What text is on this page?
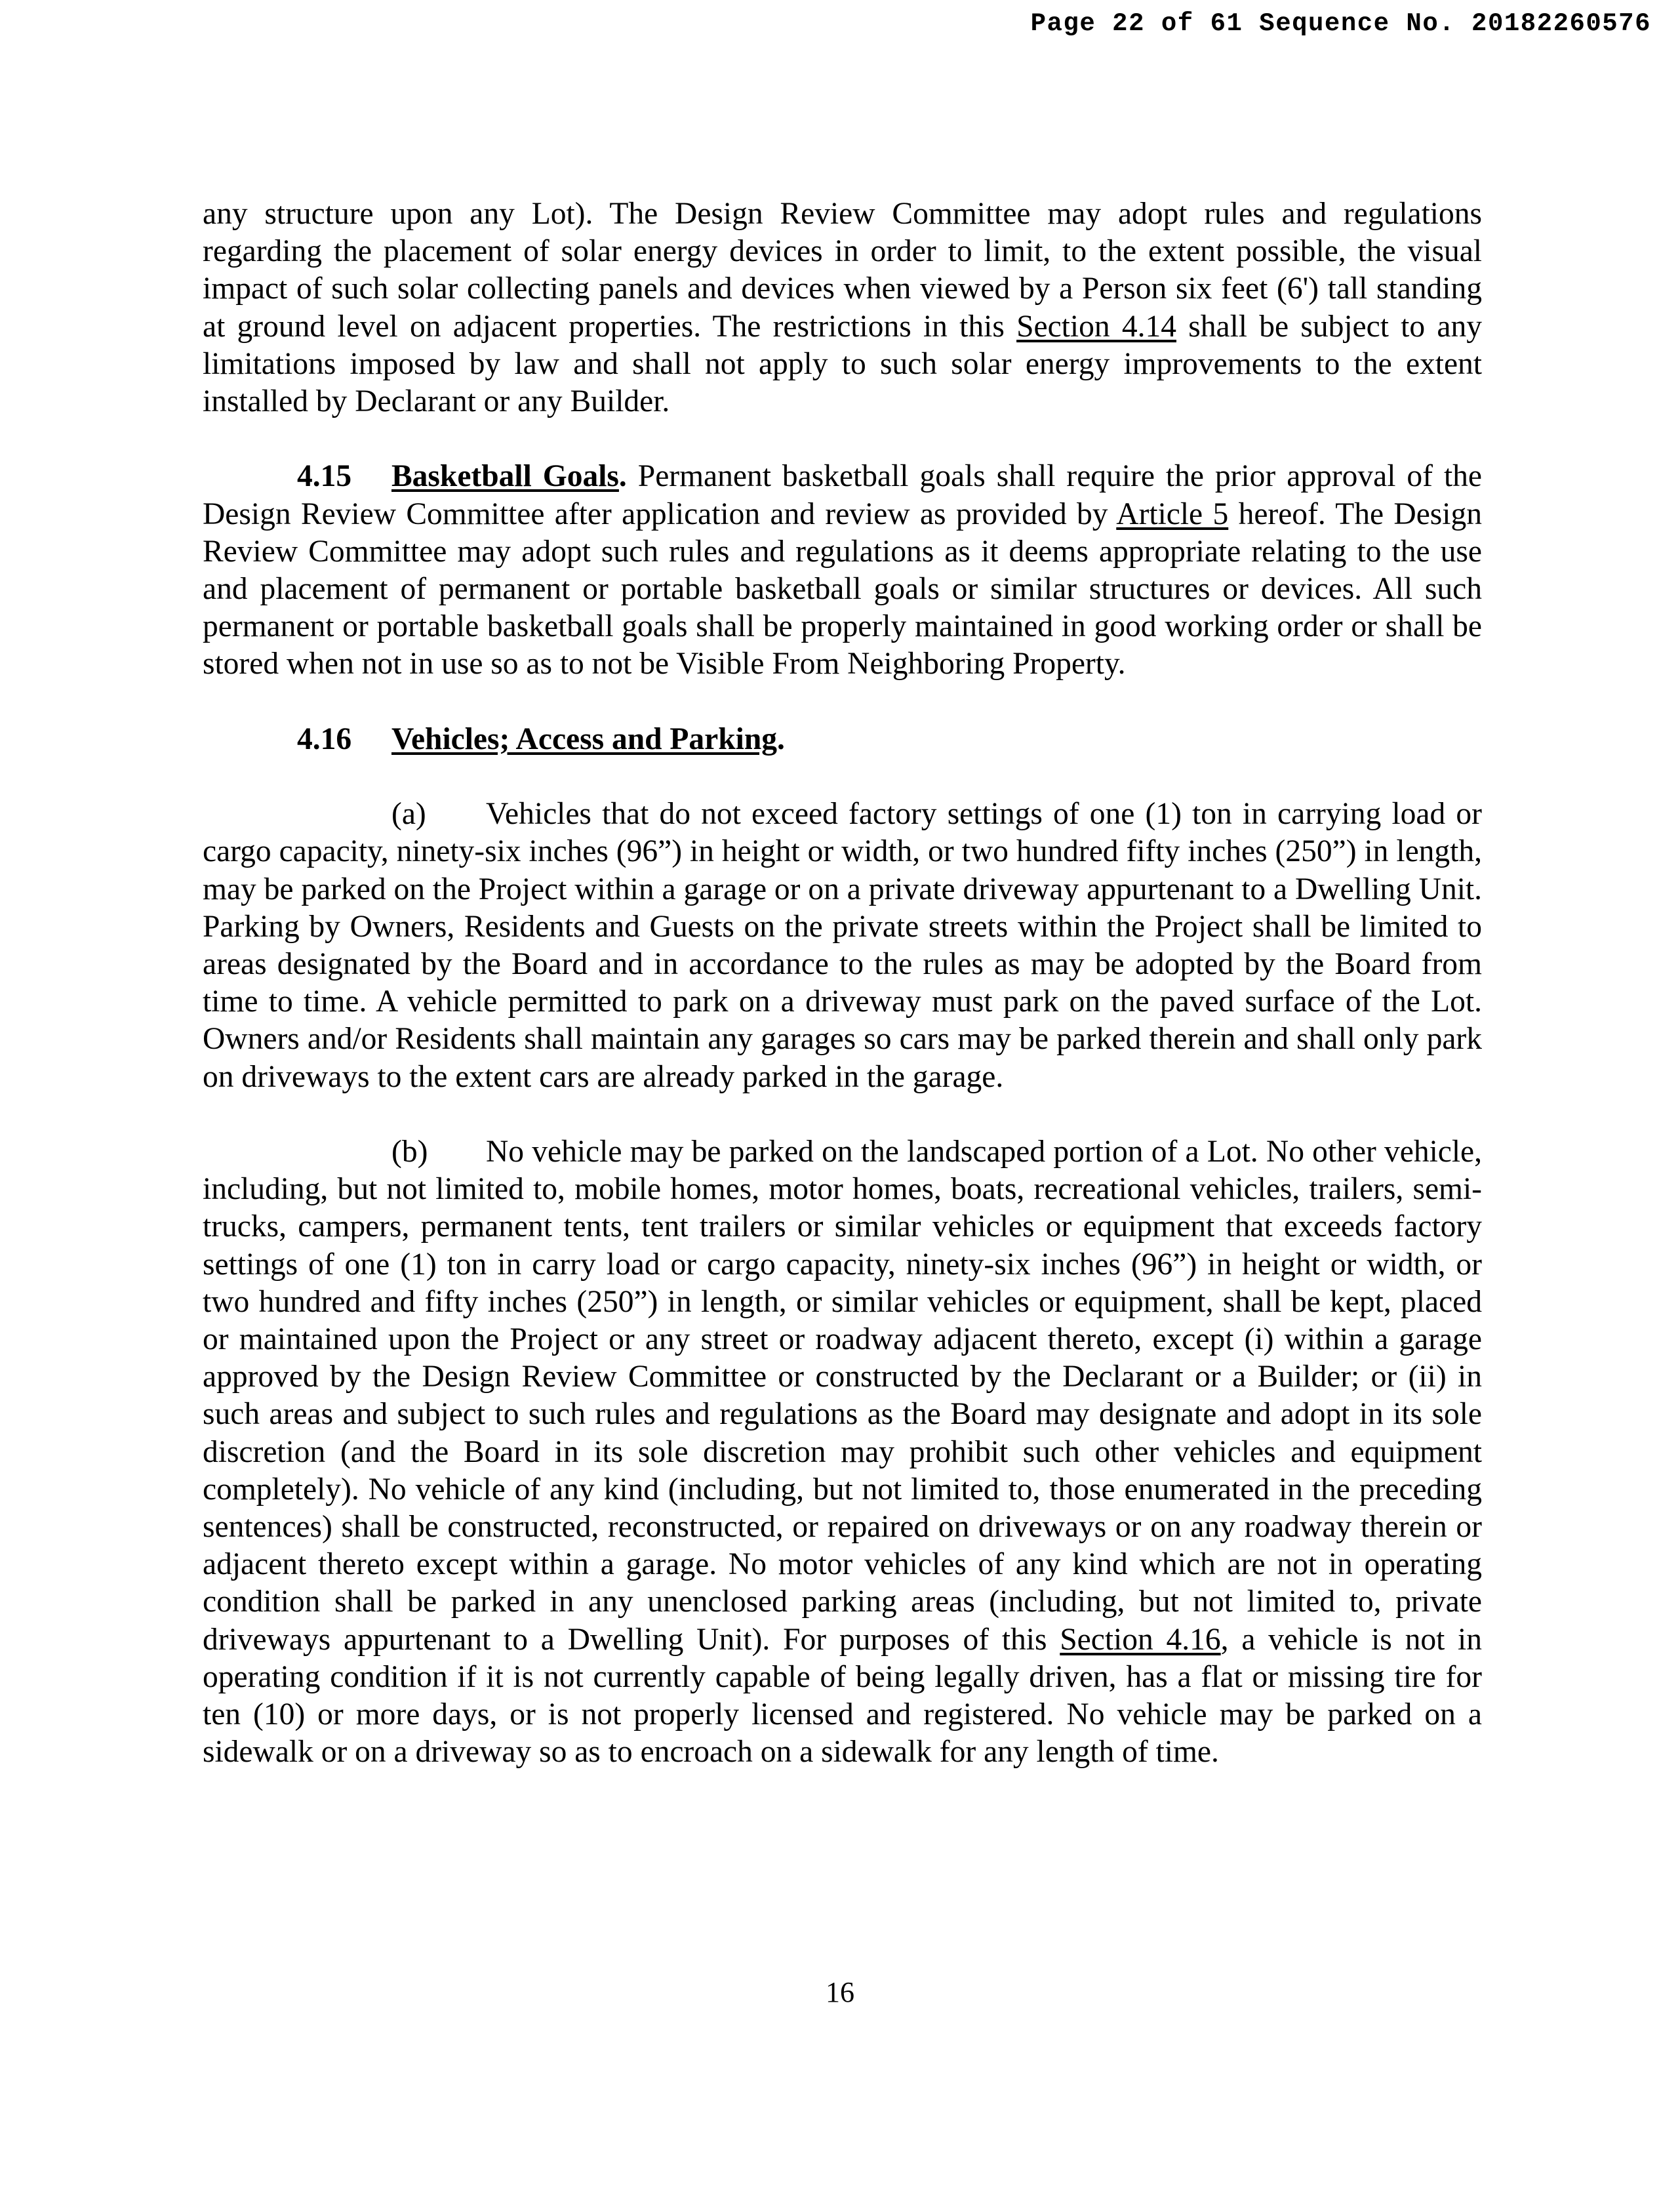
Page 22 of 61 Sequence No. 20182260576

any structure upon any Lot). The Design Review Committee may adopt rules and regulations regarding the placement of solar energy devices in order to limit, to the extent possible, the visual impact of such solar collecting panels and devices when viewed by a Person six feet (6') tall standing at ground level on adjacent properties. The restrictions in this Section 4.14 shall be subject to any limitations imposed by law and shall not apply to such solar energy improvements to the extent installed by Declarant or any Builder.

4.15 Basketball Goals. Permanent basketball goals shall require the prior approval of the Design Review Committee after application and review as provided by Article 5 hereof. The Design Review Committee may adopt such rules and regulations as it deems appropriate relating to the use and placement of permanent or portable basketball goals or similar structures or devices. All such permanent or portable basketball goals shall be properly maintained in good working order or shall be stored when not in use so as to not be Visible From Neighboring Property.

4.16 Vehicles; Access and Parking.

(a) Vehicles that do not exceed factory settings of one (1) ton in carrying load or cargo capacity, ninety-six inches (96”) in height or width, or two hundred fifty inches (250”) in length, may be parked on the Project within a garage or on a private driveway appurtenant to a Dwelling Unit. Parking by Owners, Residents and Guests on the private streets within the Project shall be limited to areas designated by the Board and in accordance to the rules as may be adopted by the Board from time to time. A vehicle permitted to park on a driveway must park on the paved surface of the Lot. Owners and/or Residents shall maintain any garages so cars may be parked therein and shall only park on driveways to the extent cars are already parked in the garage.

(b) No vehicle may be parked on the landscaped portion of a Lot. No other vehicle, including, but not limited to, mobile homes, motor homes, boats, recreational vehicles, trailers, semi-trucks, campers, permanent tents, tent trailers or similar vehicles or equipment that exceeds factory settings of one (1) ton in carry load or cargo capacity, ninety-six inches (96”) in height or width, or two hundred and fifty inches (250”) in length, or similar vehicles or equipment, shall be kept, placed or maintained upon the Project or any street or roadway adjacent thereto, except (i) within a garage approved by the Design Review Committee or constructed by the Declarant or a Builder; or (ii) in such areas and subject to such rules and regulations as the Board may designate and adopt in its sole discretion (and the Board in its sole discretion may prohibit such other vehicles and equipment completely). No vehicle of any kind (including, but not limited to, those enumerated in the preceding sentences) shall be constructed, reconstructed, or repaired on driveways or on any roadway therein or adjacent thereto except within a garage. No motor vehicles of any kind which are not in operating condition shall be parked in any unenclosed parking areas (including, but not limited to, private driveways appurtenant to a Dwelling Unit). For purposes of this Section 4.16, a vehicle is not in operating condition if it is not currently capable of being legally driven, has a flat or missing tire for ten (10) or more days, or is not properly licensed and registered. No vehicle may be parked on a sidewalk or on a driveway so as to encroach on a sidewalk for any length of time.

16
